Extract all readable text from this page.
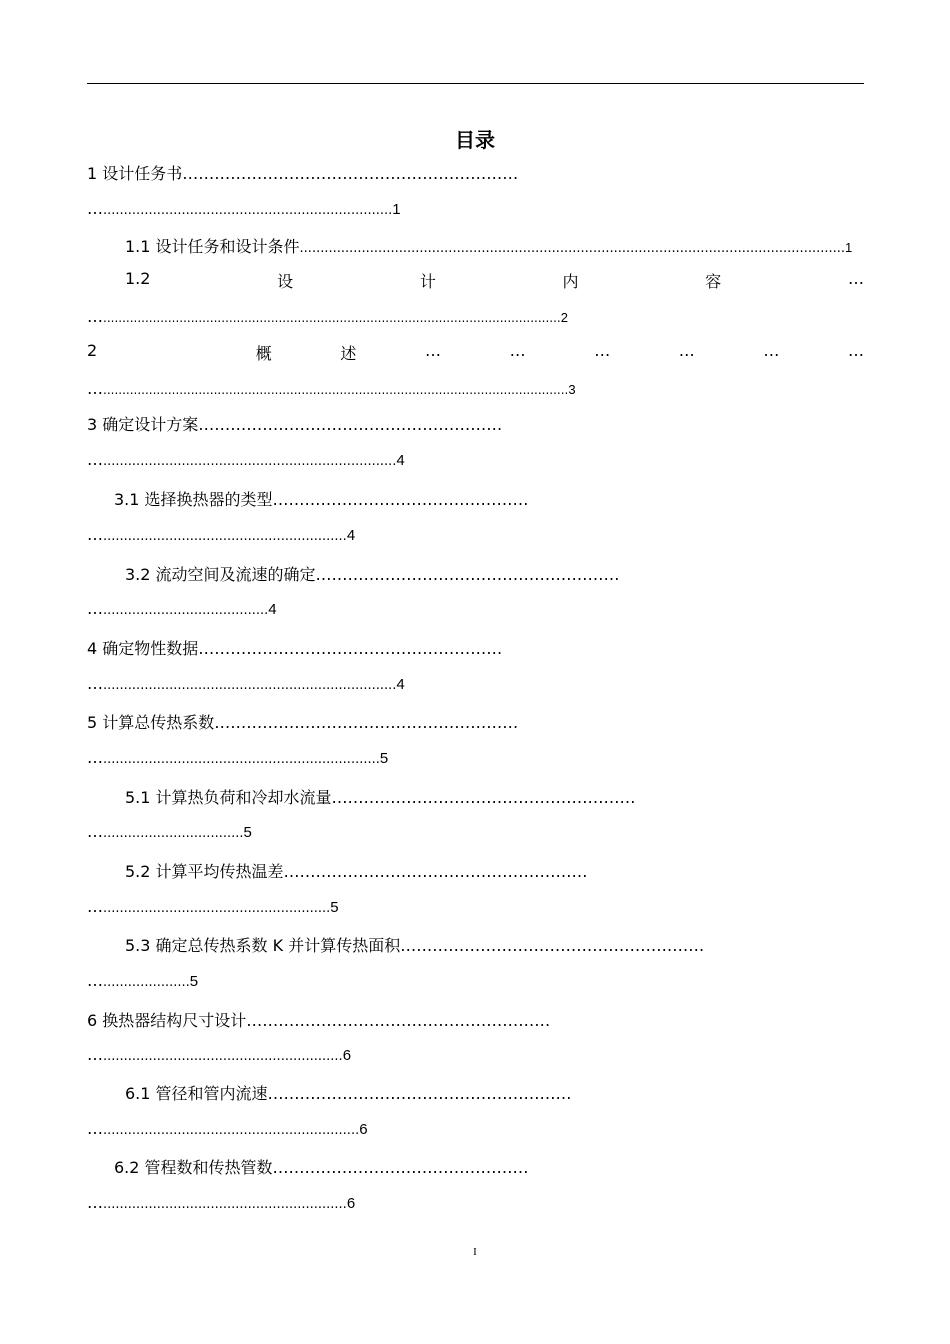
目录
1 设计任务书………………………………………………………
…......................................................................1
1.1 设计任务和设计条件....................................................................................................................................1
1.2	设	计	内	容	…
…........................................................................................................................2
2	概	述	…	…	…	…	…	…
…..........................................................................................................................3
3 确定设计方案…………………………………………………
….......................................................................4
3.1 选择换热器的类型…………………………………………
…...........................................................4
3.2 流动空间及流速的确定…………………………………………………
…........................................4
4 确定物性数据…………………………………………………
….......................................................................4
5 计算总传热系数…………………………………………………
…...................................................................5
5.1 计算热负荷和冷却水流量…………………………………………………
…..................................5
5.2 计算平均传热温差…………………………………………………
….......................................................5
5.3 确定总传热系数 K 并计算传热面积…………………………………………………
….....................5
6 换热器结构尺寸设计…………………………………………………
…..........................................................6
6.1 管径和管内流速…………………………………………………
…..............................................................6
6.2 管程数和传热管数…………………………………………
…...........................................................6
I
